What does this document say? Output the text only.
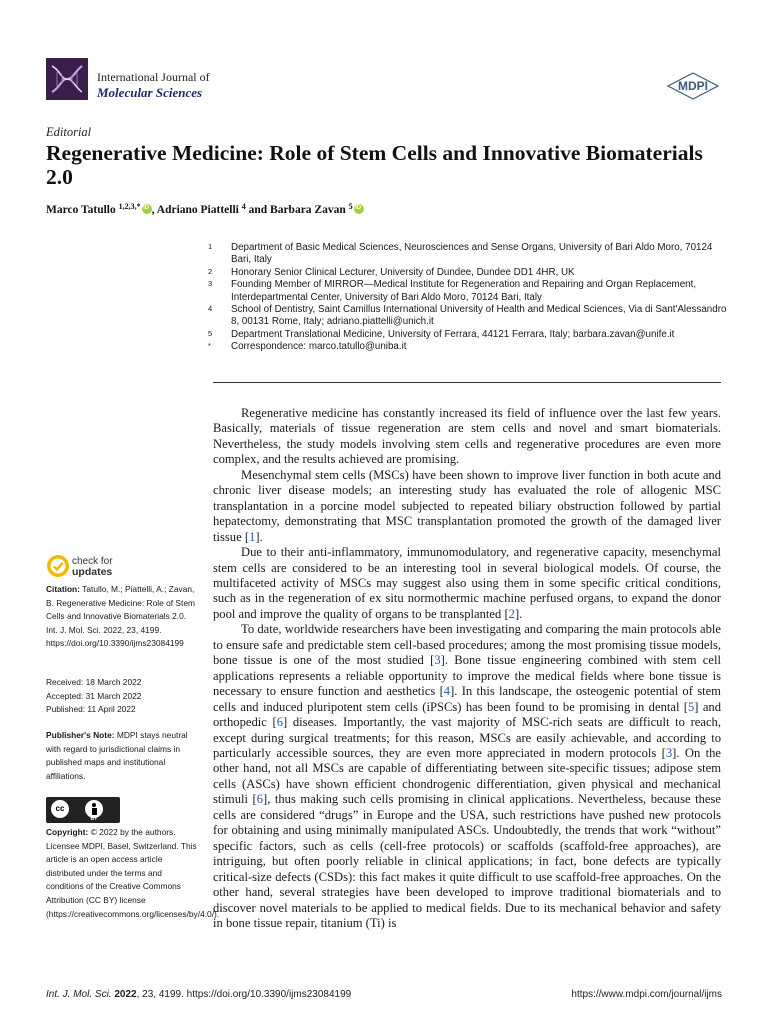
International Journal of
Molecular Sciences	MDPI
Editorial
Regenerative Medicine: Role of Stem Cells and Innovative Biomaterials 2.0
Marco Tatullo $^{1,2,3,*}$iD , Adriano Piattelli $^4$ and Barbara Zavan $^5$iD
1	Department of Basic Medical Sciences, Neurosciences and Sense Organs, University of Bari Aldo Moro, 70124 Bari, Italy
2	Honorary Senior Clinical Lecturer, University of Dundee, Dundee DD1 4HR, UK
3	Founding Member of MIRROR—Medical Institute for Regeneration and Repairing and Organ Replacement, Interdepartmental Center, University of Bari Aldo Moro, 70124 Bari, Italy
4	School of Dentistry, Saint Camillus International University of Health and Medical Sciences, Via di Sant'Alessandro 8, 00131 Rome, Italy; adriano.piattelli@unich.it
5	Department Translational Medicine, University of Ferrara, 44121 Ferrara, Italy; barbara.zavan@unife.it
*	Correspondence: marco.tatullo@uniba.it
check for
updates
Citation: Tatullo, M.; Piattelli, A.; Zavan, B. Regenerative Medicine: Role of Stem Cells and Innovative Biomaterials 2.0. Int. J. Mol. Sci. 2022, 23, 4199. https://doi.org/10.3390/ijms23084199
Received: 18 March 2022
Accepted: 31 March 2022
Published: 11 April 2022
Publisher's Note: MDPI stays neutral with regard to jurisdictional claims in published maps and institutional affiliations.
cc
BY
Copyright: © 2022 by the authors. Licensee MDPI, Basel, Switzerland. This article is an open access article distributed under the terms and conditions of the Creative Commons Attribution (CC BY) license (https://creativecommons.org/licenses/by/4.0/).

Regenerative medicine has constantly increased its field of influence over the last few years. Basically, materials of tissue regeneration are stem cells and novel and smart biomaterials. Nevertheless, the study models involving stem cells and regenerative procedures are even more complex, and the results achieved are promising.

Mesenchymal stem cells (MSCs) have been shown to improve liver function in both acute and chronic liver disease models; an interesting study has evaluated the role of allogenic MSC transplantation in a porcine model subjected to repeated biliary obstruction followed by partial hepatectomy, demonstrating that MSC transplantation promoted the growth of the damaged liver tissue [1].

Due to their anti-inflammatory, immunomodulatory, and regenerative capacity, mesenchymal stem cells are considered to be an interesting tool in several biological models. Of course, the multifaceted activity of MSCs may suggest also using them in some specific critical conditions, such as in the regeneration of ex situ normothermic machine perfused organs, to expand the donor pool and improve the quality of organs to be transplanted [2].

To date, worldwide researchers have been investigating and comparing the main protocols able to ensure safe and predictable stem cell-based procedures; among the most promising tissue models, bone tissue is one of the most studied [3]. Bone tissue engineering combined with stem cell applications represents a reliable opportunity to improve the medical fields where bone tissue is necessary to ensure function and aesthetics [4]. In this landscape, the osteogenic potential of stem cells and induced pluripotent stem cells (iPSCs) has been found to be promising in dental [5] and orthopedic [6] diseases. Importantly, the vast majority of MSC-rich seats are difficult to reach, except during surgical treatments; for this reason, MSCs are easily achievable, and according to particularly accessible sources, they are even more appreciated in modern protocols [3]. On the other hand, not all MSCs are capable of differentiating between site-specific tissues; adipose stem cells (ASCs) have shown efficient chondrogenic differentiation, given physical and mechanical stimuli [6], thus making such cells promising in clinical applications. Nevertheless, because these cells are considered “drugs” in Europe and the USA, such restrictions have pushed new protocols for obtaining and using minimally manipulated ASCs. Undoubtedly, the trends that work “without” specific factors, such as cells (cell-free protocols) or scaffolds (scaffold-free approaches), are intriguing, but often poorly reliable in clinical applications; in fact, bone defects are typically critical-size defects (CSDs): this fact makes it quite difficult to use scaffold-free approaches. On the other hand, several strategies have been developed to improve traditional biomaterials and to discover novel materials to be applied to medical fields. Due to its mechanical behavior and safety in bone tissue repair, titanium (Ti) is

Int. J. Mol. Sci. 2022, 23, 4199. https://doi.org/10.3390/ijms23084199	https://www.mdpi.com/journal/ijms
